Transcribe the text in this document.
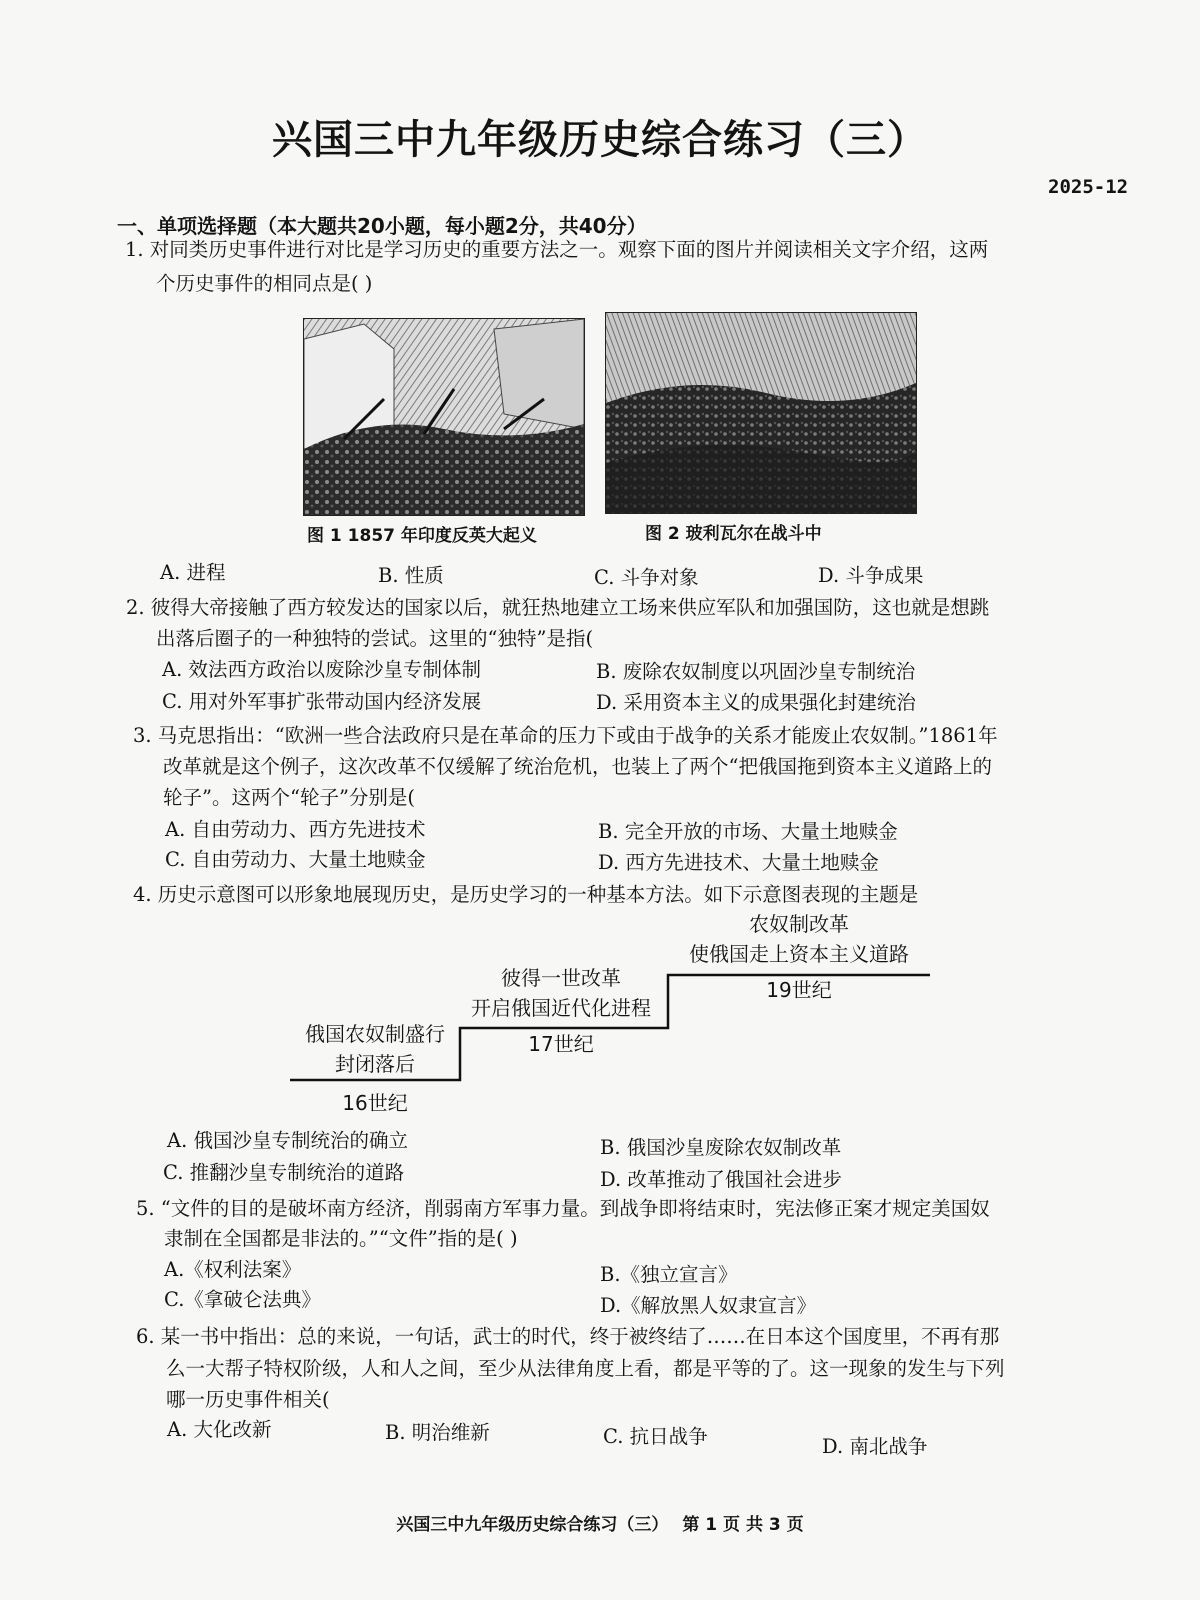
兴国三中九年级历史综合练习（三）
2025-12
一、单项选择题（本大题共20小题，每小题2分，共40分）
1. 对同类历史事件进行对比是学习历史的重要方法之一。观察下面的图片并阅读相关文字介绍，这两
个历史事件的相同点是( )
图 1 1857 年印度反英大起义	图 2 玻利瓦尔在战斗中
A. 进程	B. 性质	C. 斗争对象	D. 斗争成果
2. 彼得大帝接触了西方较发达的国家以后，就狂热地建立工场来供应军队和加强国防，这也就是想跳
出落后圈子的一种独特的尝试。这里的“独特”是指(
A. 效法西方政治以废除沙皇专制体制	B. 废除农奴制度以巩固沙皇专制统治
C. 用对外军事扩张带动国内经济发展	D. 采用资本主义的成果强化封建统治
3. 马克思指出：“欧洲一些合法政府只是在革命的压力下或由于战争的关系才能废止农奴制。”1861年
改革就是这个例子，这次改革不仅缓解了统治危机，也装上了两个“把俄国拖到资本主义道路上的
轮子”。这两个“轮子”分别是(
A. 自由劳动力、西方先进技术	B. 完全开放的市场、大量土地赎金
C. 自由劳动力、大量土地赎金	D. 西方先进技术、大量土地赎金
4. 历史示意图可以形象地展现历史，是历史学习的一种基本方法。如下示意图表现的主题是
俄国农奴制盛行
封闭落后
16世纪
彼得一世改革
开启俄国近代化进程
17世纪
农奴制改革
使俄国走上资本主义道路
19世纪
A. 俄国沙皇专制统治的确立	B. 俄国沙皇废除农奴制改革
C. 推翻沙皇专制统治的道路	D. 改革推动了俄国社会进步
5. “文件的目的是破坏南方经济，削弱南方军事力量。到战争即将结束时，宪法修正案才规定美国奴
隶制在全国都是非法的。”“文件”指的是( )
A.《权利法案》	B.《独立宣言》
C.《拿破仑法典》	D.《解放黑人奴隶宣言》
6. 某一书中指出：总的来说，一句话，武士的时代，终于被终结了……在日本这个国度里，不再有那
么一大帮子特权阶级，人和人之间，至少从法律角度上看，都是平等的了。这一现象的发生与下列
哪一历史事件相关(
A. 大化改新	B. 明治维新	C. 抗日战争	D. 南北战争
兴国三中九年级历史综合练习（三） 第 1 页 共 3 页
